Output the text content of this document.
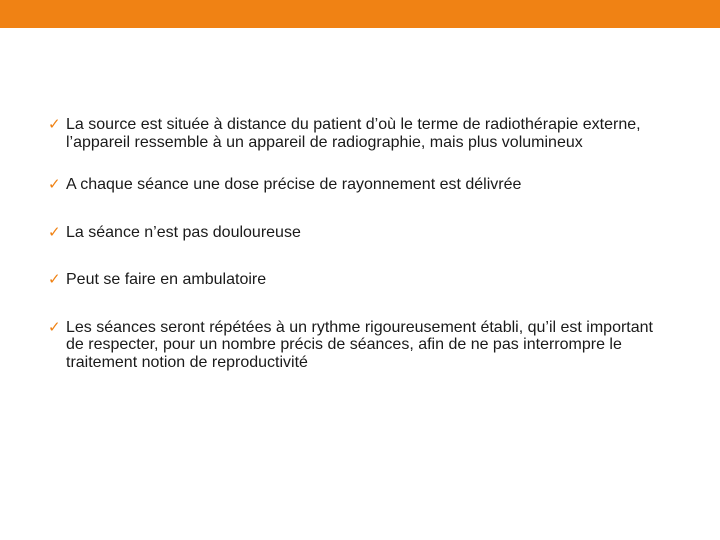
✓ La source est située à distance du patient d’où le terme de radiothérapie externe, l’appareil ressemble à un appareil de radiographie, mais plus volumineux
✓ A chaque séance une dose précise de rayonnement est délivrée
✓ La séance n’est pas douloureuse
✓ Peut se faire en ambulatoire
✓ Les séances seront répétées à un rythme rigoureusement établi, qu’il est important de respecter, pour un nombre précis de séances, afin de ne pas interrompre le traitement notion de reproductivité
